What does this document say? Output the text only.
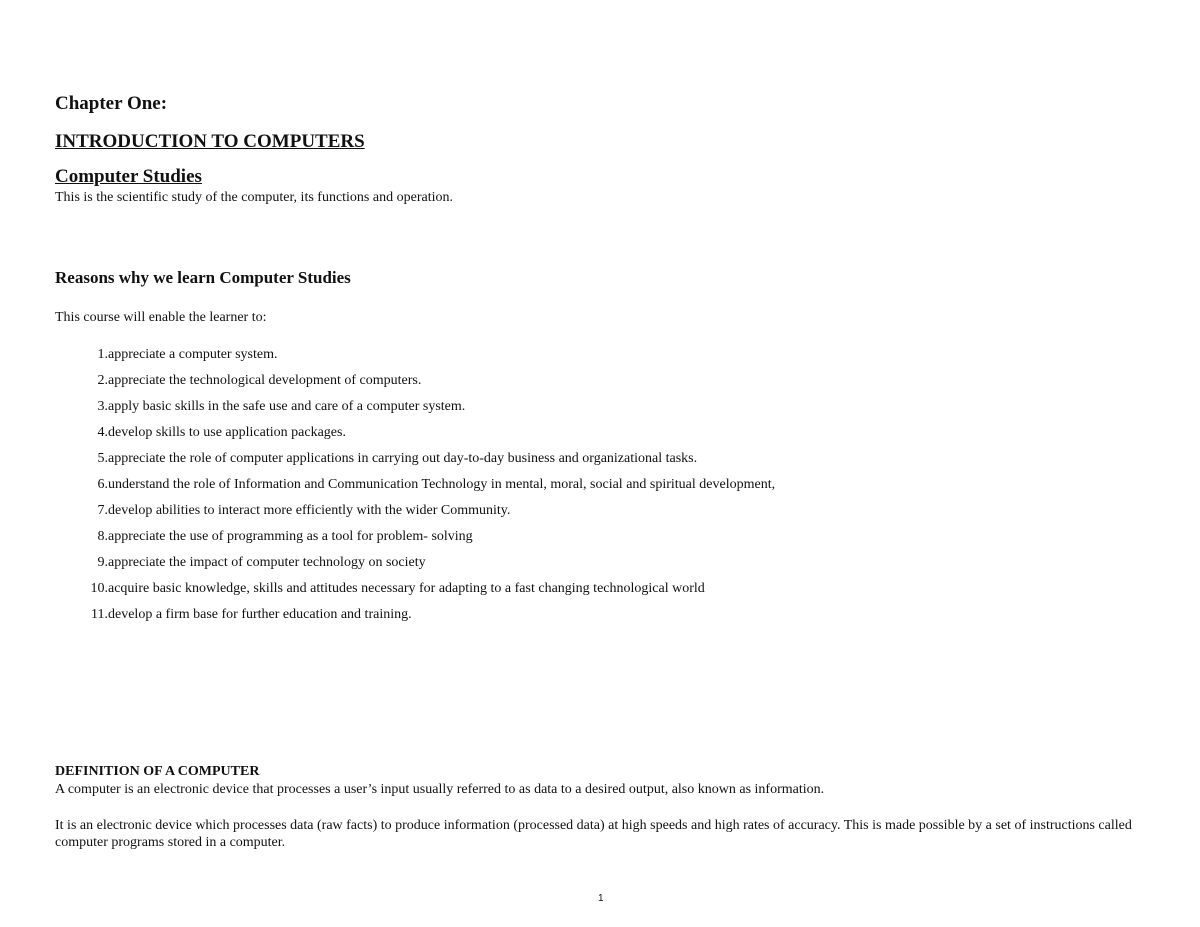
Chapter One:
INTRODUCTION TO COMPUTERS
Computer Studies

This is the scientific study of the computer, its functions and operation.

Reasons why we learn Computer Studies

This course will enable the learner to:

1. appreciate a computer system.
2. appreciate the technological development of computers.
3. apply basic skills in the safe use and care of a computer system.
4. develop skills to use application packages.
5. appreciate the role of computer applications in carrying out day-to-day business and organizational tasks.
6. understand the role of Information and Communication Technology in mental, moral, social and spiritual development,
7. develop abilities to interact more efficiently with the wider Community.
8. appreciate the use of programming as a tool for problem- solving
9. appreciate the impact of computer technology on society
10. acquire basic knowledge, skills and attitudes necessary for adapting to a fast changing technological world
11. develop a firm base for further education and training.
DEFINITION OF A COMPUTER

A computer is an electronic device that processes a user’s input usually referred to as data to a desired output, also known as information.

It is an electronic device which processes data (raw facts) to produce information (processed data) at high speeds and high rates of accuracy. This is made possible by a set of instructions called computer programs stored in a computer.

1
